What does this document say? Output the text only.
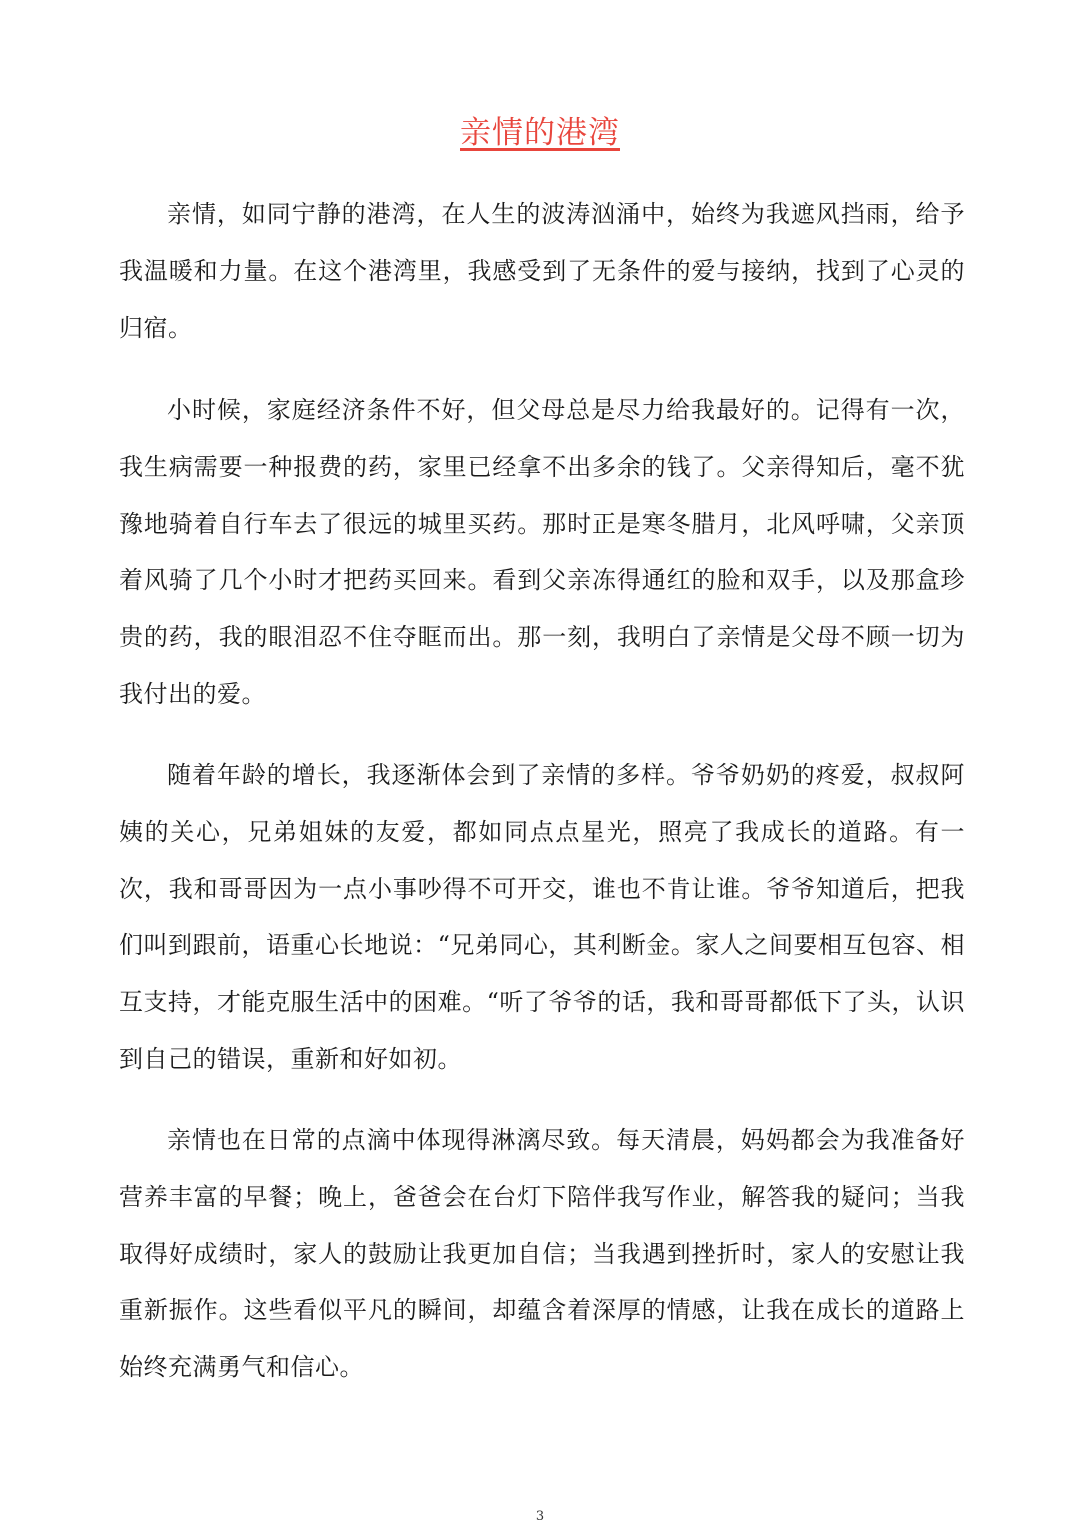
亲情的港湾

亲情，如同宁静的港湾，在人生的波涛汹涌中，始终为我遮风挡雨，给予我温暖和力量。在这个港湾里，我感受到了无条件的爱与接纳，找到了心灵的归宿。

小时候，家庭经济条件不好，但父母总是尽力给我最好的。记得有一次，我生病需要一种报费的药，家里已经拿不出多余的钱了。父亲得知后，毫不犹豫地骑着自行车去了很远的城里买药。那时正是寒冬腊月，北风呼啸，父亲顶着风骑了几个小时才把药买回来。看到父亲冻得通红的脸和双手，以及那盒珍贵的药，我的眼泪忍不住夺眶而出。那一刻，我明白了亲情是父母不顾一切为我付出的爱。

随着年龄的增长，我逐渐体会到了亲情的多样。爷爷奶奶的疼爱，叔叔阿姨的关心，兄弟姐妹的友爱，都如同点点星光，照亮了我成长的道路。有一次，我和哥哥因为一点小事吵得不可开交，谁也不肯让谁。爷爷知道后，把我们叫到跟前，语重心长地说：“兄弟同心，其利断金。家人之间要相互包容、相互支持，才能克服生活中的困难。“听了爷爷的话，我和哥哥都低下了头，认识到自己的错误，重新和好如初。

亲情也在日常的点滴中体现得淋漓尽致。每天清晨，妈妈都会为我准备好营养丰富的早餐；晚上，爸爸会在台灯下陪伴我写作业，解答我的疑问；当我取得好成绩时，家人的鼓励让我更加自信；当我遇到挫折时，家人的安慰让我重新振作。这些看似平凡的瞬间，却蕴含着深厚的情感，让我在成长的道路上始终充满勇气和信心。

3
